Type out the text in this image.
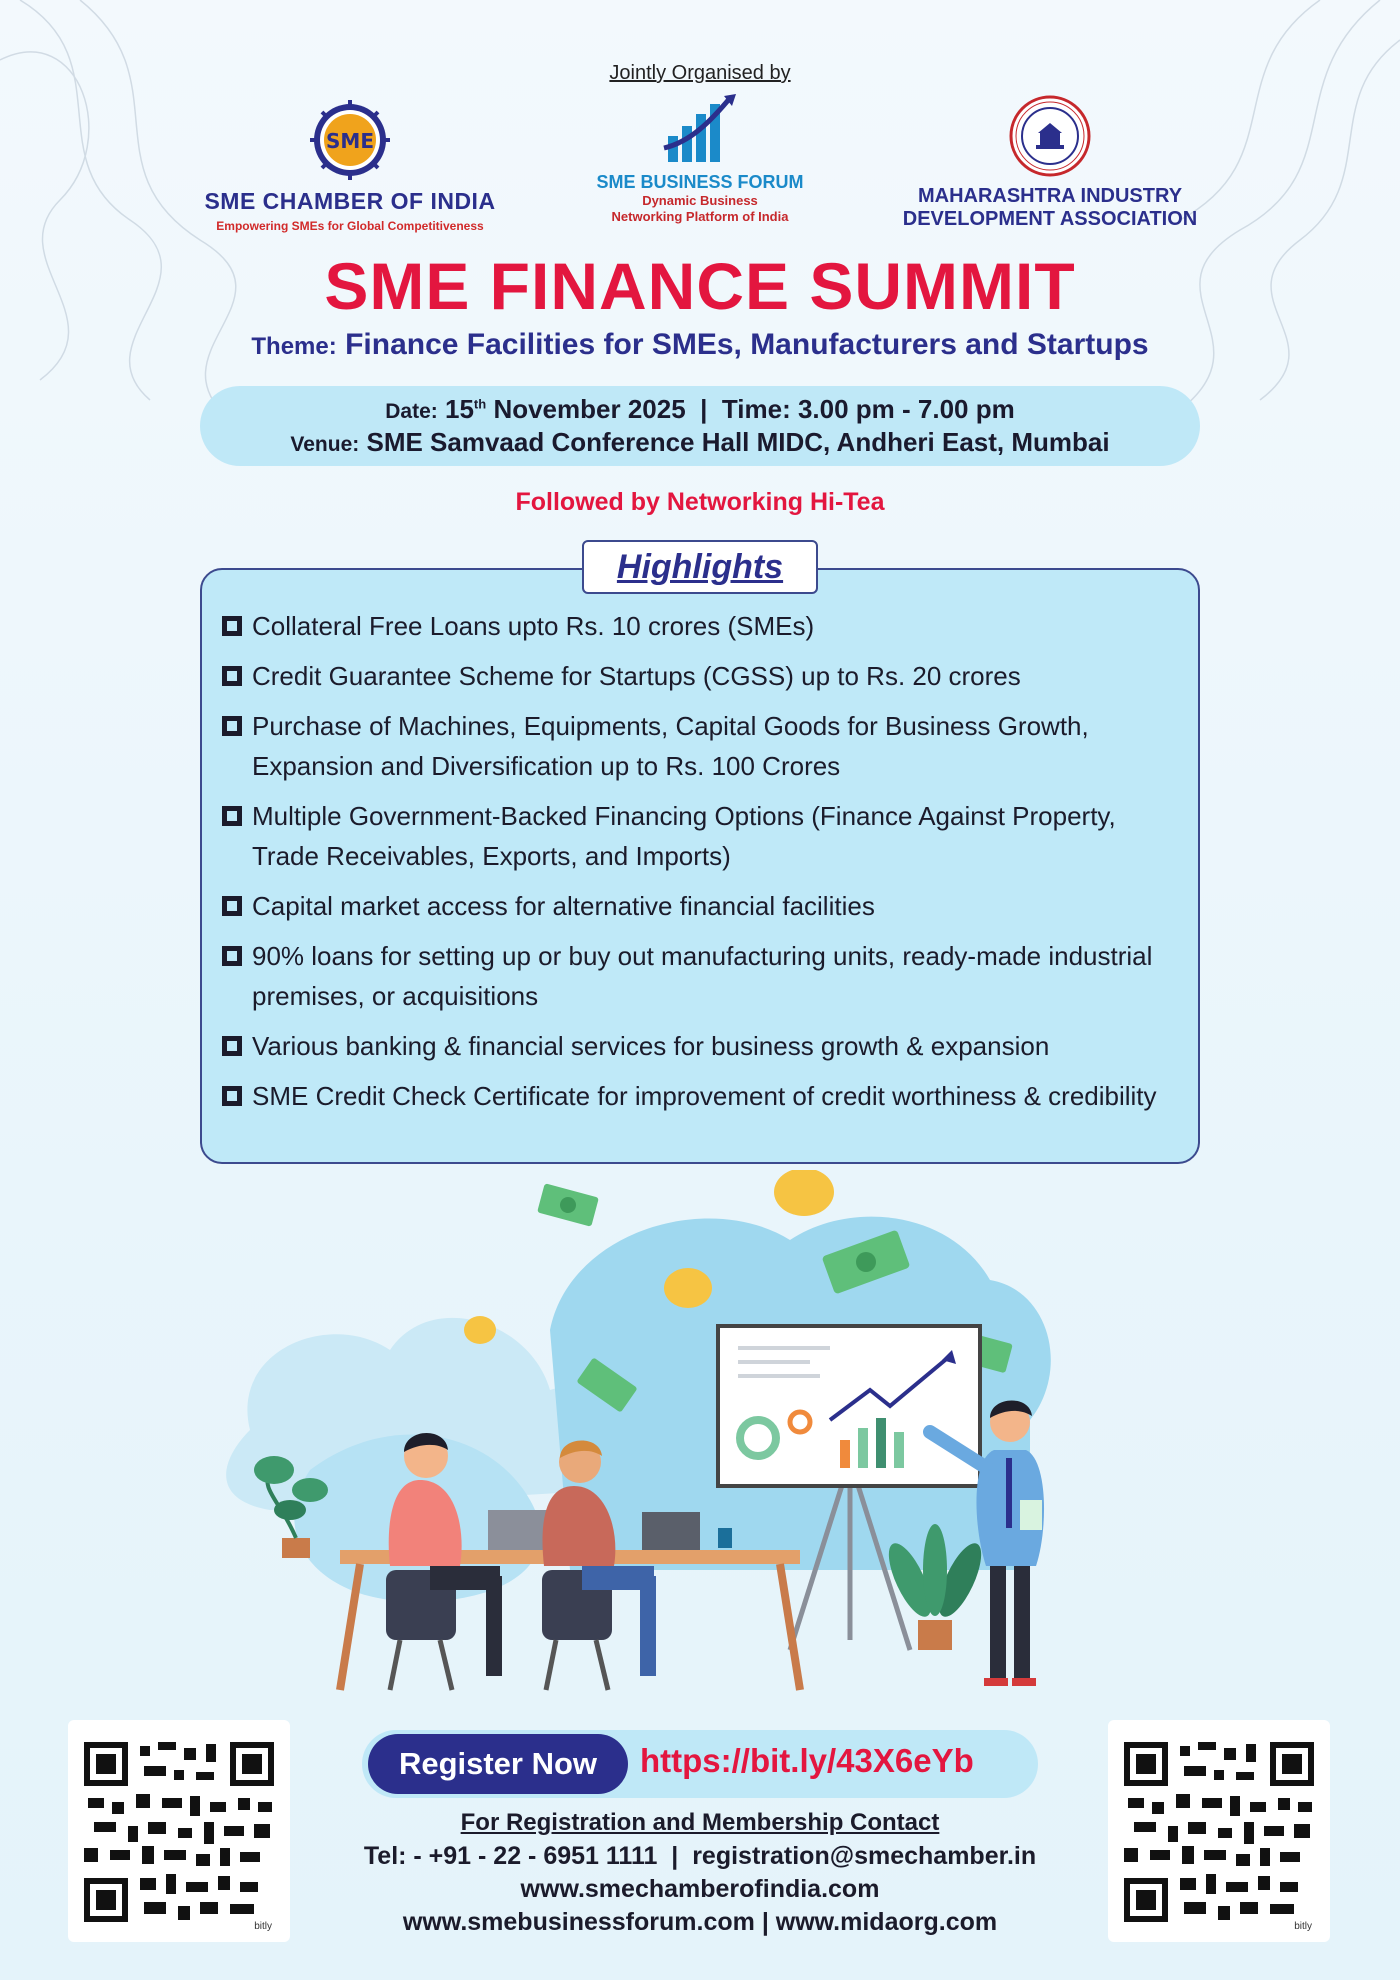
Jointly Organised by
SME
SME CHAMBER OF INDIA
Empowering SMEs for Global Competitiveness
SME BUSINESS FORUM
Dynamic Business
Networking Platform of India
MAHARASHTRA INDUSTRY
DEVELOPMENT ASSOCIATION
SME FINANCE SUMMIT
Theme: Finance Facilities for SMEs, Manufacturers and Startups
Date: 15th November 2025 | Time: 3.00 pm - 7.00 pm
Venue: SME Samvaad Conference Hall MIDC, Andheri East, Mumbai
Followed by Networking Hi-Tea
Highlights
Collateral Free Loans upto Rs. 10 crores (SMEs)
Credit Guarantee Scheme for Startups (CGSS) up to Rs. 20 crores
Purchase of Machines, Equipments, Capital Goods for Business Growth, Expansion and Diversification up to Rs. 100 Crores
Multiple Government-Backed Financing Options (Finance Against Property, Trade Receivables, Exports, and Imports)
Capital market access for alternative financial facilities
90% loans for setting up or buy out manufacturing units, ready-made industrial premises, or acquisitions
Various banking & financial services for business growth & expansion
SME Credit Check Certificate for improvement of credit worthiness & credibility
bitly	bitly
Register Now	https://bit.ly/43X6eYb
For Registration and Membership Contact
Tel: - +91 - 22 - 6951 1111 | registration@smechamber.in
www.smechamberofindia.com
www.smebusinessforum.com | www.midaorg.com
